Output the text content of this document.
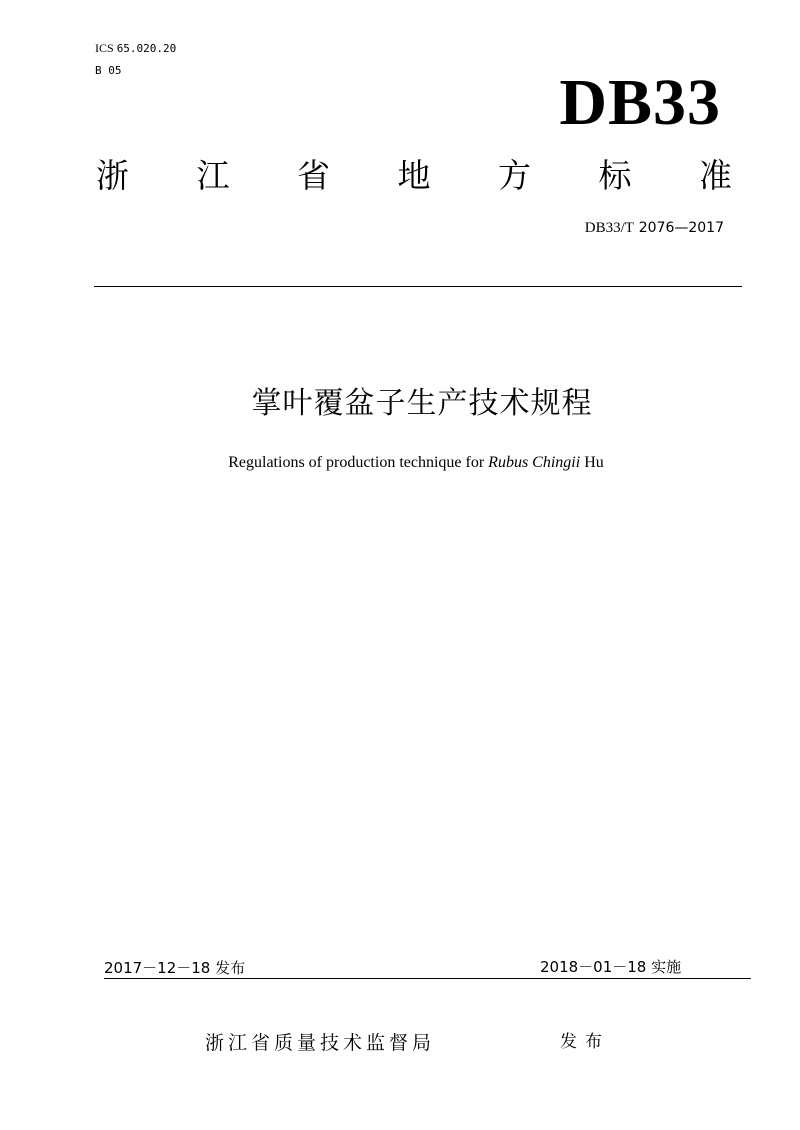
ICS 65.020.20
B 05	DB33
浙 江 省 地 方 标 准
DB33/T 2076—2017
掌叶覆盆子生产技术规程
Regulations of production technique for Rubus Chingii Hu
2017－12－18 发布	2018－01－18 实施
浙江省质量技术监督局	发布
